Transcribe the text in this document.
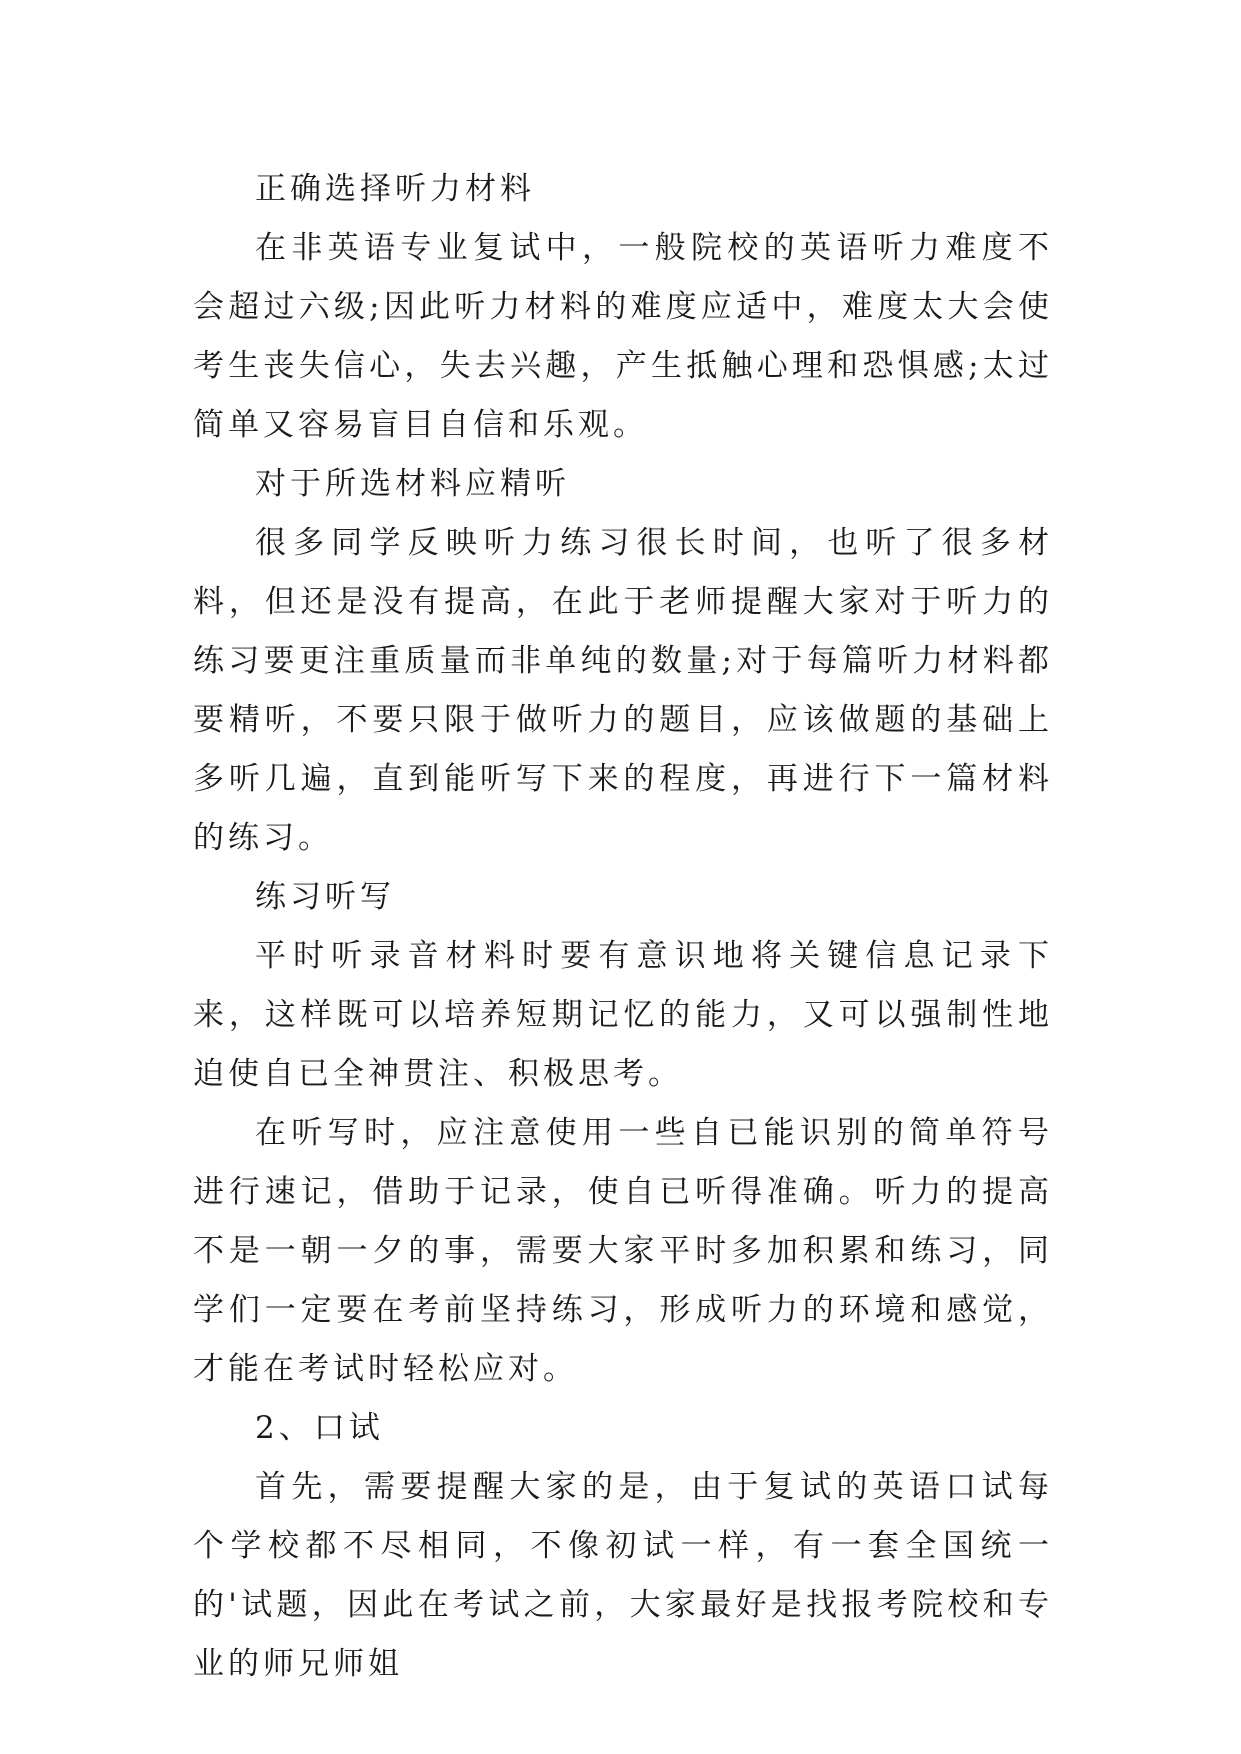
正确选择听力材料

在非英语专业复试中，一般院校的英语听力难度不会超过六级;因此听力材料的难度应适中，难度太大会使考生丧失信心，失去兴趣，产生抵触心理和恐惧感;太过简单又容易盲目自信和乐观。

对于所选材料应精听

很多同学反映听力练习很长时间，也听了很多材料，但还是没有提高，在此于老师提醒大家对于听力的练习要更注重质量而非单纯的数量;对于每篇听力材料都要精听，不要只限于做听力的题目，应该做题的基础上多听几遍，直到能听写下来的程度，再进行下一篇材料的练习。

练习听写

平时听录音材料时要有意识地将关键信息记录下来，这样既可以培养短期记忆的能力，又可以强制性地迫使自已全神贯注、积极思考。

在听写时，应注意使用一些自已能识别的简单符号进行速记，借助于记录，使自已听得准确。听力的提高不是一朝一夕的事，需要大家平时多加积累和练习，同学们一定要在考前坚持练习，形成听力的环境和感觉，才能在考试时轻松应对。

2、口试

首先，需要提醒大家的是，由于复试的英语口试每个学校都不尽相同，不像初试一样，有一套全国统一的'试题，因此在考试之前，大家最好是找报考院校和专业的师兄师姐
